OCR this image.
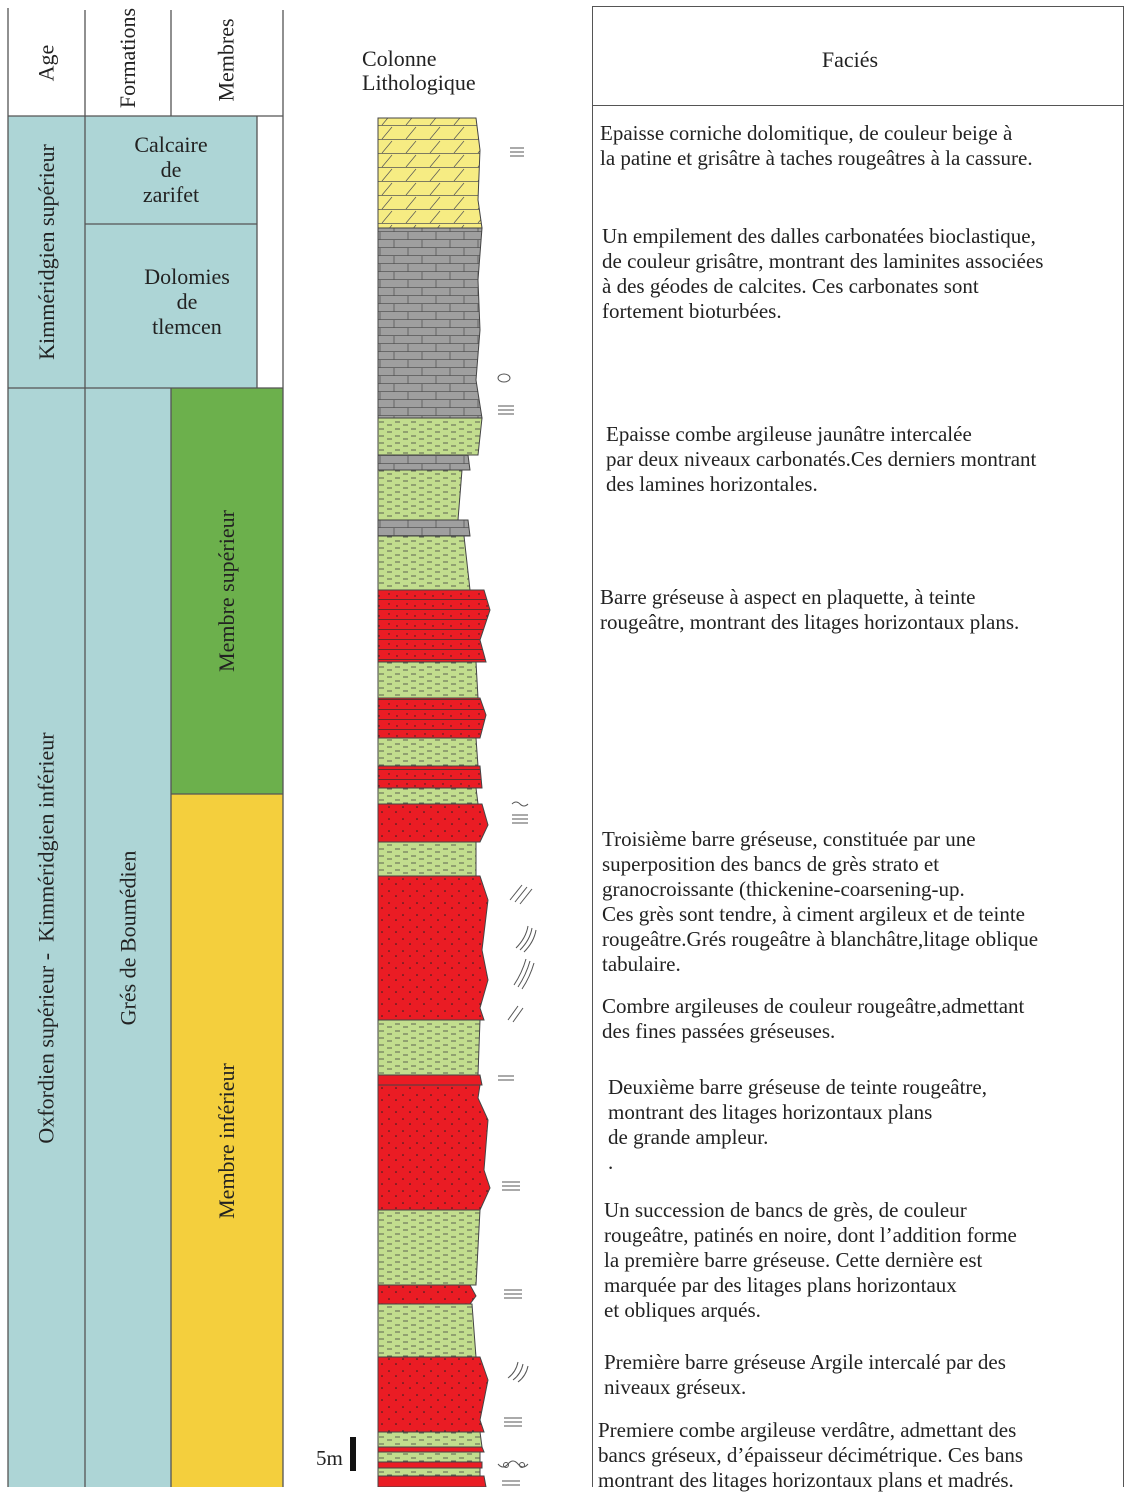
Age	Formations	Membres
Kimméridgien supérieur
Oxfordien supérieur -  Kimméridgien inférieur
Calcaire
de
zarifet
Dolomies
de
tlemcen
Grés de Boumédien
Membre supérieur
Membre inférieur
Colonne
Lithologique
5m
Faciés
Epaisse corniche dolomitique, de couleur beige à
la patine et grisâtre à taches rougeâtres à la cassure.
Un empilement des dalles carbonatées bioclastique,
de couleur grisâtre, montrant des laminites associées
à des géodes de calcites. Ces carbonates sont
fortement bioturbées.
Epaisse combe argileuse jaunâtre intercalée
par deux niveaux carbonatés.Ces derniers montrant
des lamines horizontales.
Barre gréseuse à aspect en plaquette, à teinte
rougeâtre, montrant des litages horizontaux plans.
Troisième barre gréseuse, constituée par une
superposition des bancs de grès strato et
granocroissante (thickenine-coarsening-up.
Ces grès sont tendre, à ciment argileux et de teinte
rougeâtre.Grés rougeâtre à blanchâtre,litage oblique
tabulaire.
Combre argileuses de couleur rougeâtre,admettant
des fines passées gréseuses.
Deuxième barre gréseuse de teinte rougeâtre,
montrant des litages horizontaux plans
de grande ampleur.
.
Un succession de bancs de grès, de couleur
rougeâtre, patinés en noire, dont l’addition forme
la première barre gréseuse. Cette dernière est
marquée par des litages plans horizontaux
et obliques arqués.
Première barre gréseuse Argile intercalé par des
niveaux gréseux.
Premiere combe argileuse verdâtre, admettant des
bancs gréseux, d’épaisseur décimétrique. Ces bans
montrant des litages horizontaux plans et madrés.
